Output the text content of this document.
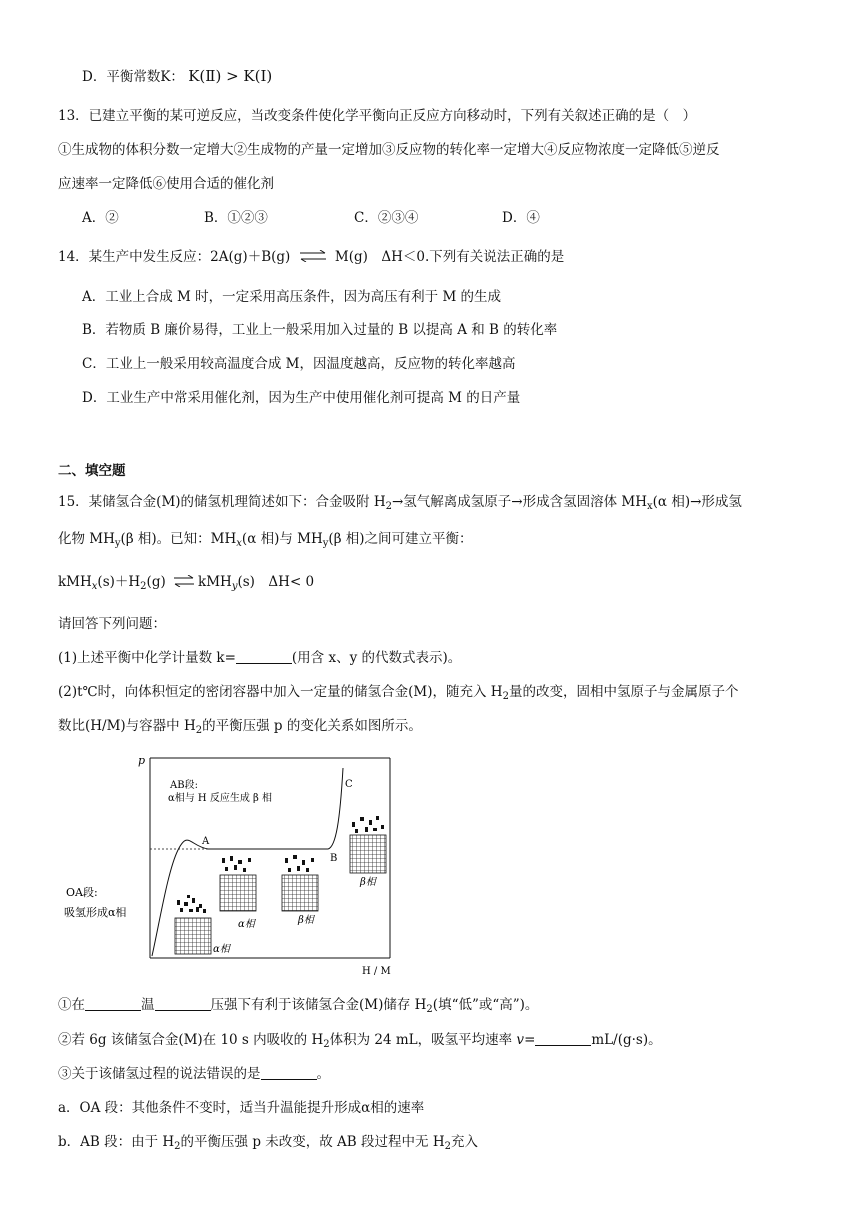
D．平衡常数K： K(Ⅱ) > K(Ⅰ)
13．已建立平衡的某可逆反应，当改变条件使化学平衡向正反应方向移动时，下列有关叙述正确的是（　）
①生成物的体积分数一定增大②生成物的产量一定增加③反应物的转化率一定增大④反应物浓度一定降低⑤逆反
应速率一定降低⑥使用合适的催化剂
A．②	B．①②③	C．②③④	D．④
14．某生产中发生反应：2A(g)＋B(g) ⇌ M(g)　ΔH＜0.下列有关说法正确的是
A．工业上合成 M 时，一定采用高压条件，因为高压有利于 M 的生成
B．若物质 B 廉价易得，工业上一般采用加入过量的 B 以提高 A 和 B 的转化率
C．工业上一般采用较高温度合成 M，因温度越高，反应物的转化率越高
D．工业生产中常采用催化剂，因为生产中使用催化剂可提高 M 的日产量
二、填空题
15．某储氢合金(M)的储氢机理简述如下：合金吸附 $H_2\to$氢气解离成氢原子→形成含氢固溶体 $MH_x(\alpha$ 相)→形成氢
化物 $MH_y(\beta$ 相)。已知：$MH_x(\alpha$ 相)与 $MH_y(\beta$ 相)之间可建立平衡：
$kMH_x(s)+H_2(g)$ ⇌ kMH$_y$(s)　ΔH< 0
请回答下列问题：
(1)上述平衡中化学计量数 k=	(用含 x、y 的代数式表示)。
(2)t℃时，向体积恒定的密闭容器中加入一定量的储氢合金(M)，随充入 $H_2$量的改变，固相中氢原子与金属原子个
数比(H/M)与容器中 $H_2$的平衡压强 p 的变化关系如图所示。
p
H / M
A
B
C
AB段:
α相与 H 反应生成 β 相
OA段:
吸氢形成α相
α相
α相	β相
β相
①在	温	压强下有利于该储氢合金(M)储存 $H_2$(填“低”或“高”)。
②若 6g 该储氢合金(M)在 10 s 内吸收的 $H_2$体积为 24 mL，吸氢平均速率 v=	mL/(g·s)。
③关于该储氢过程的说法错误的是	。
a．OA 段：其他条件不变时，适当升温能提升形成α相的速率
b．AB 段：由于 $H_2$的平衡压强 p 未改变，故 AB 段过程中无 $H_2$充入
